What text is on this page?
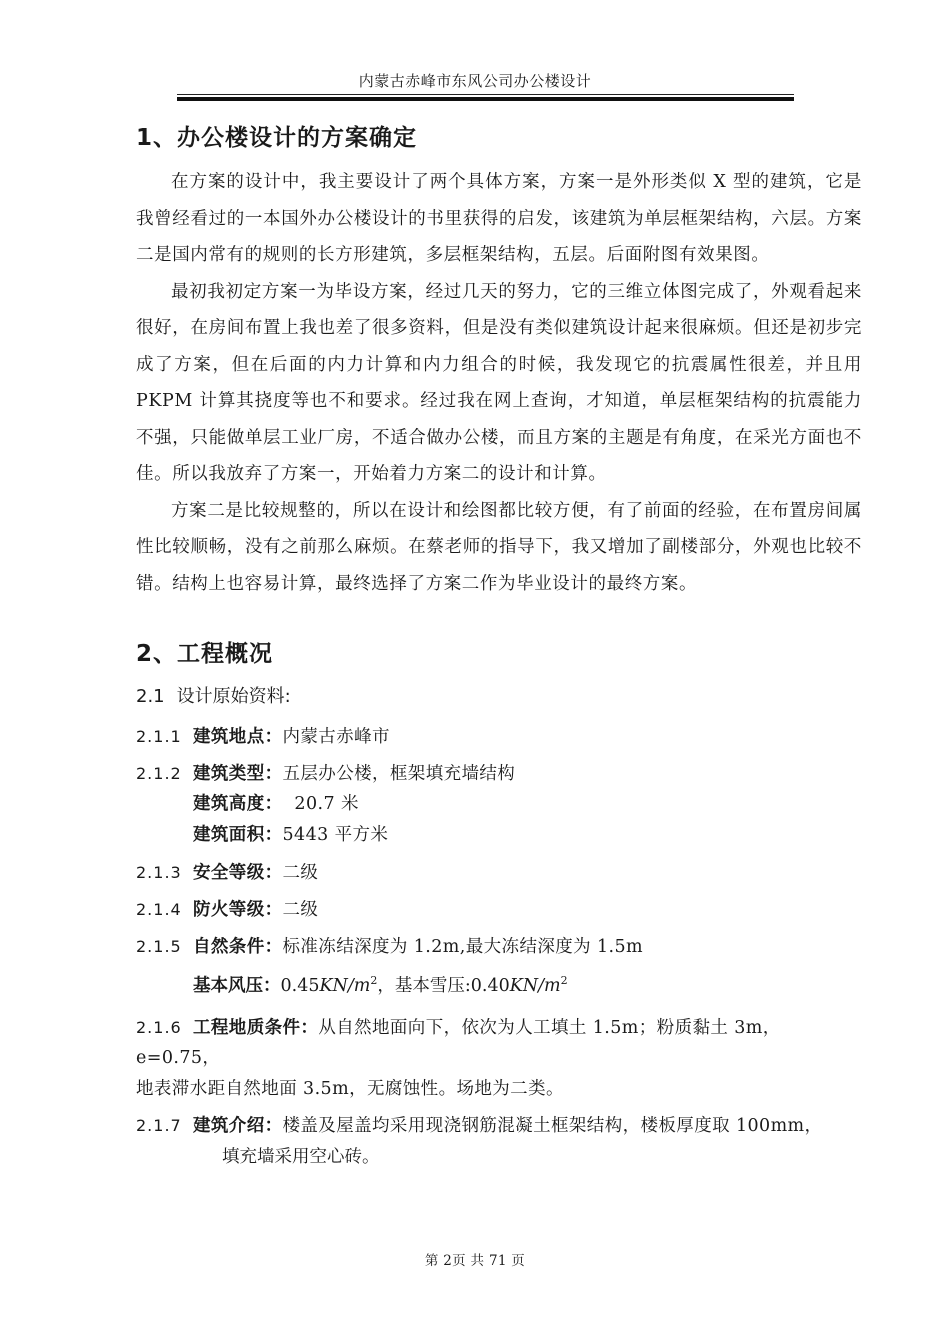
内蒙古赤峰市东风公司办公楼设计
1、办公楼设计的方案确定

在方案的设计中，我主要设计了两个具体方案，方案一是外形类似 X 型的建筑，它是我曾经看过的一本国外办公楼设计的书里获得的启发，该建筑为单层框架结构，六层。方案二是国内常有的规则的长方形建筑，多层框架结构，五层。后面附图有效果图。

最初我初定方案一为毕设方案，经过几天的努力，它的三维立体图完成了，外观看起来很好，在房间布置上我也差了很多资料，但是没有类似建筑设计起来很麻烦。但还是初步完成了方案，但在后面的内力计算和内力组合的时候，我发现它的抗震属性很差，并且用 PKPM 计算其挠度等也不和要求。经过我在网上查询，才知道，单层框架结构的抗震能力不强，只能做单层工业厂房，不适合做办公楼，而且方案的主题是有角度，在采光方面也不佳。所以我放弃了方案一，开始着力方案二的设计和计算。

方案二是比较规整的，所以在设计和绘图都比较方便，有了前面的经验，在布置房间属性比较顺畅，没有之前那么麻烦。在蔡老师的指导下，我又增加了副楼部分，外观也比较不错。结构上也容易计算，最终选择了方案二作为毕业设计的最终方案。

2、工程概况
2.1 设计原始资料:
2.1.1 建筑地点：内蒙古赤峰市
2.1.2 建筑类型：五层办公楼，框架填充墙结构
建筑高度：  20.7 米
建筑面积：5443 平方米
2.1.3 安全等级：二级
2.1.4 防火等级：二级
2.1.5 自然条件：标准冻结深度为 1.2m,最大冻结深度为 1.5m
基本风压：$0.45KN/m^2$，基本雪压$:0.40KN/m^2$
2.1.6 工程地质条件：从自然地面向下，依次为人工填土 1.5m；粉质黏土 3m，e=0.75，
地表滞水距自然地面 3.5m，无腐蚀性。场地为二类。
2.1.7 建筑介绍：楼盖及屋盖均采用现浇钢筋混凝土框架结构，楼板厚度取 100mm，
填充墙采用空心砖。
第 2页 共 71 页
